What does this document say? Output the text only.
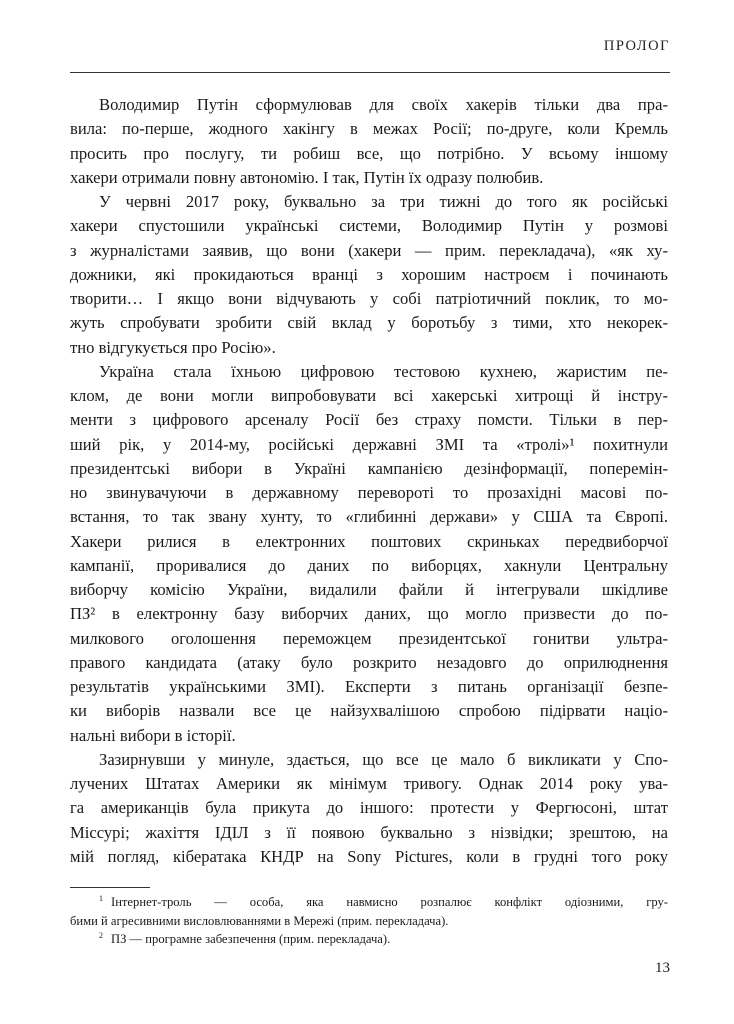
ПРОЛОГ
Володимир Путін сформулював для своїх хакерів тільки два пра-
вила: по-перше, жодного хакінгу в межах Росії; по-друге, коли Кремль
просить про послугу, ти робиш все, що потрібно. У всьому іншому
хакери отримали повну автономію. І так, Путін їх одразу полюбив.
У червні 2017 року, буквально за три тижні до того як російські
хакери спустошили українські системи, Володимир Путін у розмові
з журналістами заявив, що вони (хакери — прим. перекладача), «як ху-
дожники, які прокидаються вранці з хорошим настроєм і починають
творити… І якщо вони відчувають у собі патріотичний поклик, то мо-
жуть спробувати зробити свій вклад у боротьбу з тими, хто некорек-
тно відгукується про Росію».
Україна стала їхньою цифровою тестовою кухнею, жаристим пе-
клом, де вони могли випробовувати всі хакерські хитрощі й інстру-
менти з цифрового арсеналу Росії без страху помсти. Тільки в пер-
ший рік, у 2014-му, російські державні ЗМІ та «тролі»¹ похитнули
президентські вибори в Україні кампанією дезінформації, поперемін-
но звинувачуючи в державному перевороті то прозахідні масові по-
встання, то так звану хунту, то «глибинні держави» у США та Європі.
Хакери рилися в електронних поштових скриньках передвиборчої
кампанії, проривалися до даних по виборцях, хакнули Центральну
виборчу комісію України, видалили файли й інтегрували шкідливе
ПЗ² в електронну базу виборчих даних, що могло призвести до по-
милкового оголошення переможцем президентської гонитви ультра-
правого кандидата (атаку було розкрито незадовго до оприлюднення
результатів українськими ЗМІ). Експерти з питань організації безпе-
ки виборів назвали все це найзухвалішою спробою підірвати націо-
нальні вибори в історії.
Зазирнувши у минуле, здається, що все це мало б викликати у Спо-
лучених Штатах Америки як мінімум тривогу. Однак 2014 року ува-
га американців була прикута до іншого: протести у Фергюсоні, штат
Міссурі; жахіття ІДІЛ з її появою буквально з нізвідки; зрештою, на
мій погляд, кібератака КНДР на Sony Pictures, коли в грудні того року
$^1$ Інтернет-троль — особа, яка навмисно розпалює конфлікт одіозними, гру-
бими й агресивними висловлюваннями в Мережі (прим. перекладача).
$^2$ ПЗ — програмне забезпечення (прим. перекладача).
13
